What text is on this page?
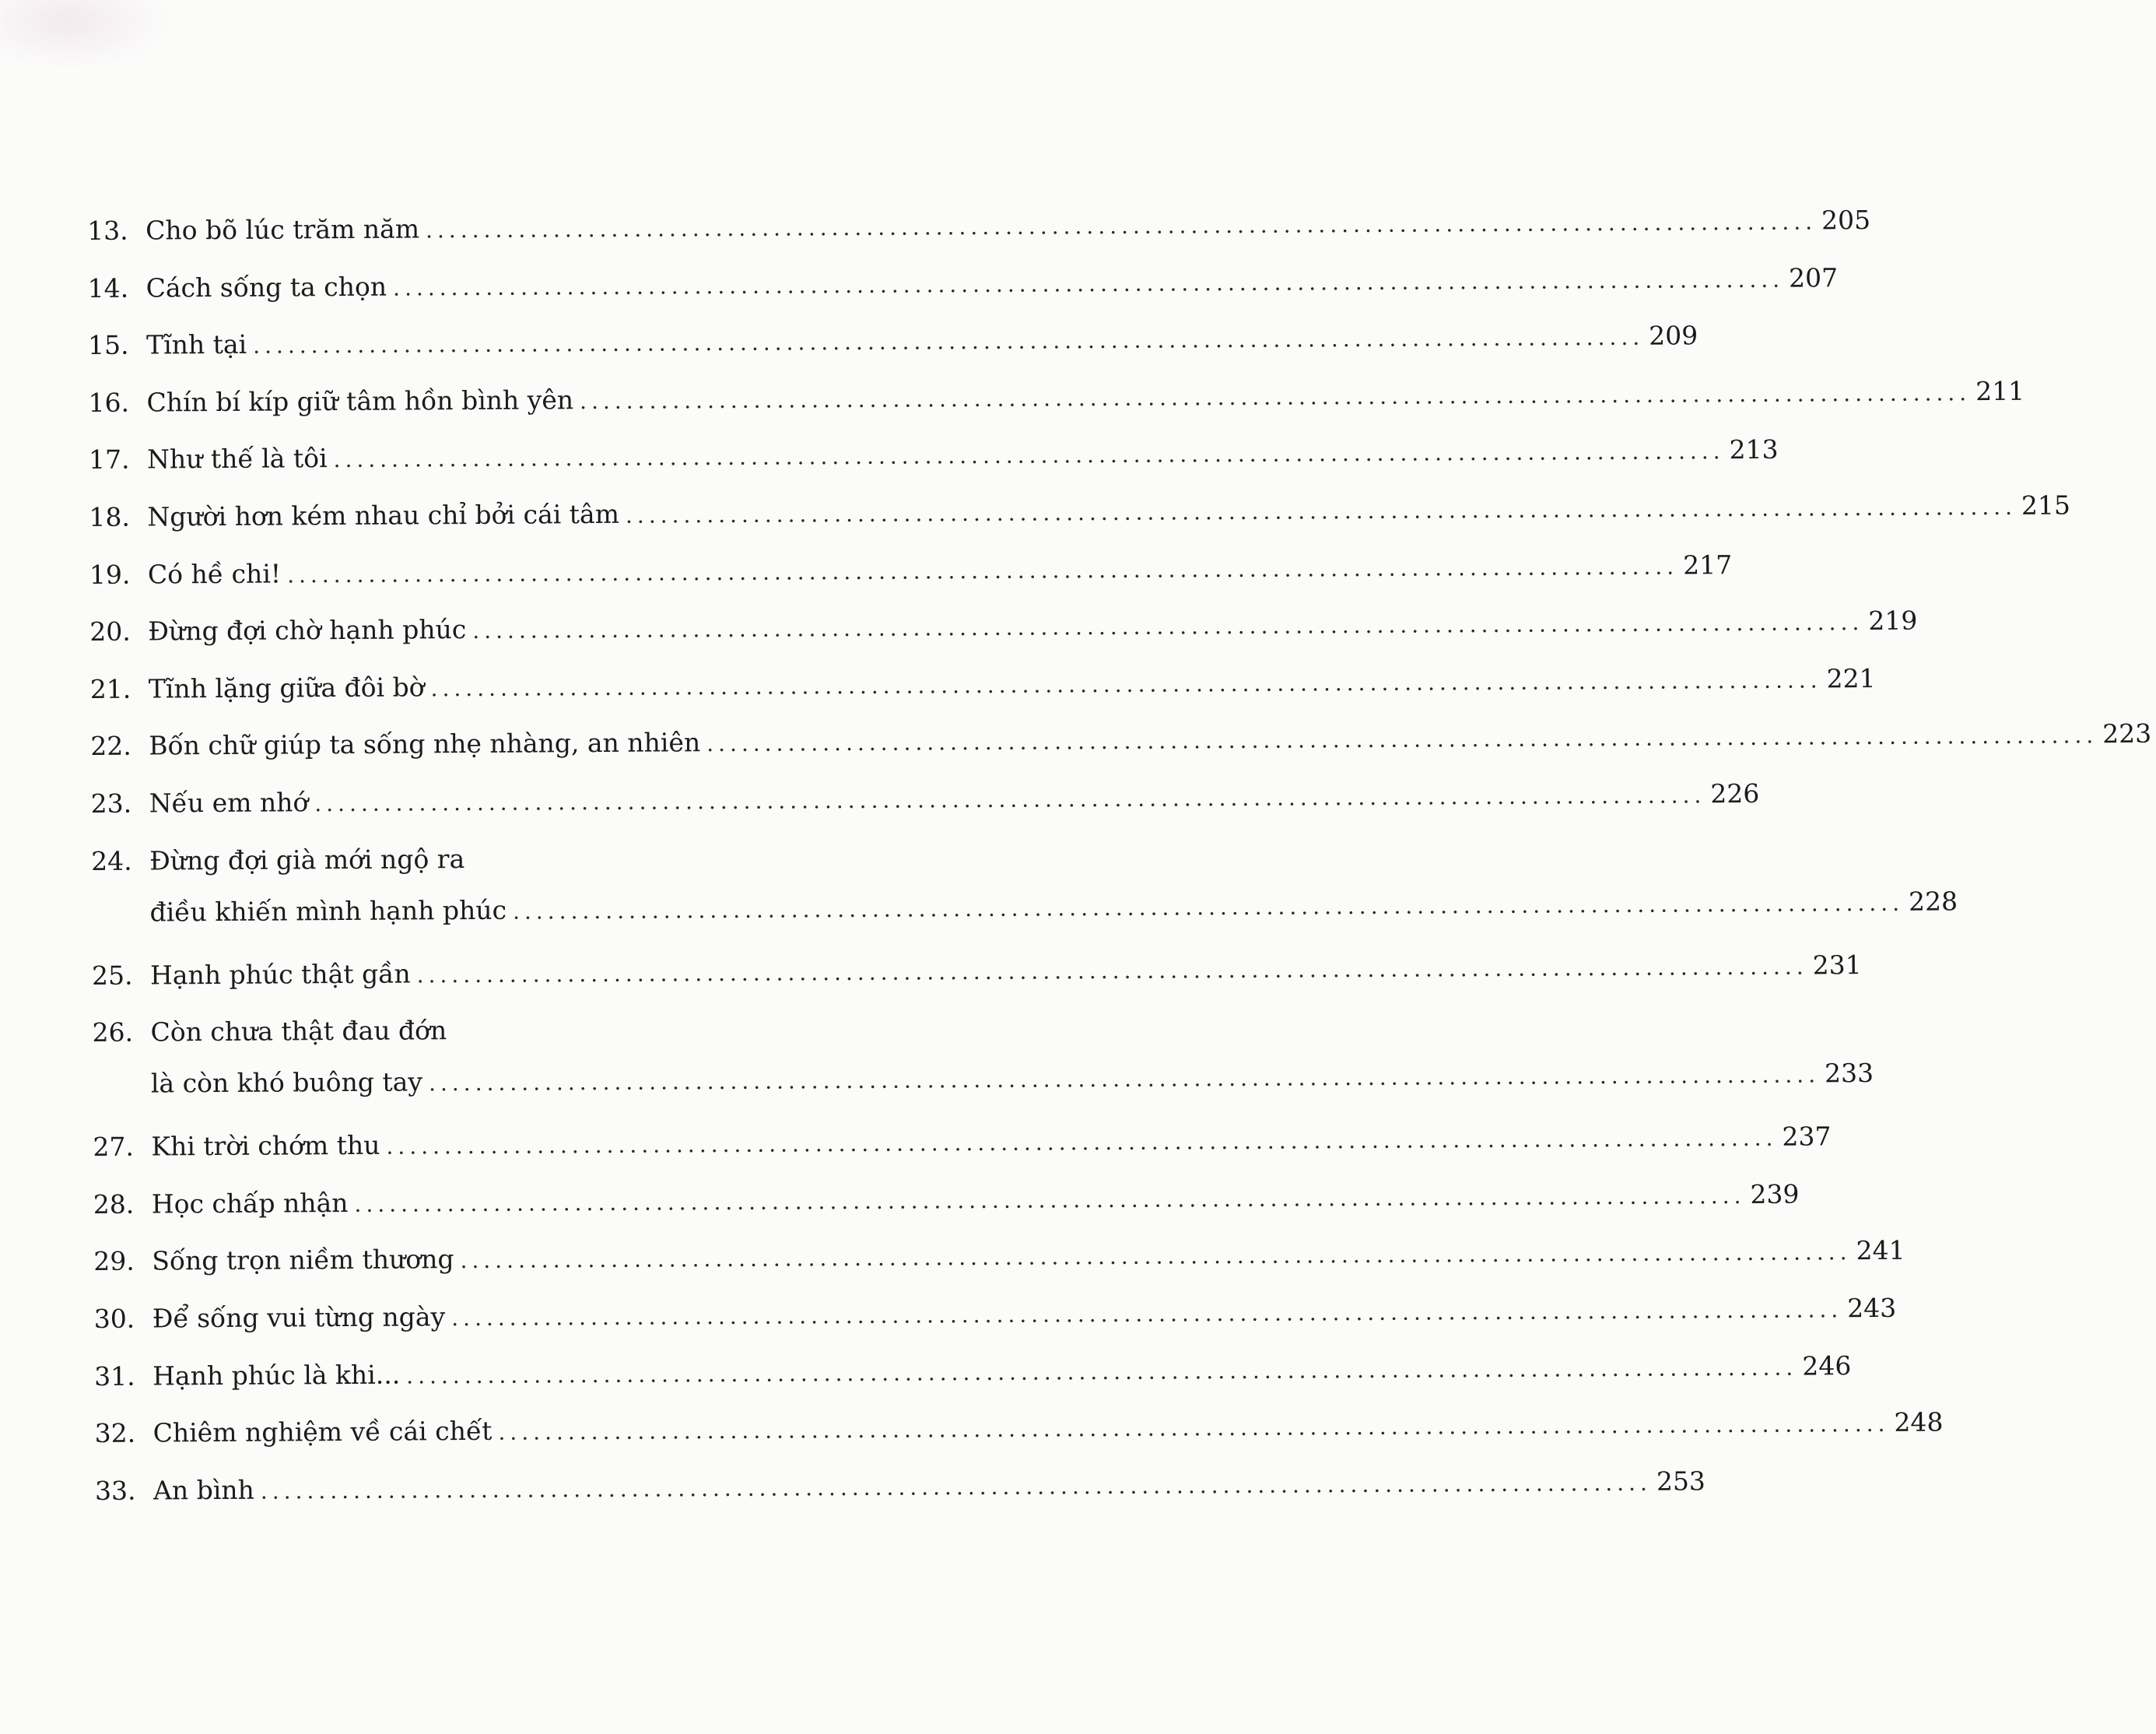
13. Cho bõ lúc trăm năm ........................................................................................................................ 205
14. Cách sống ta chọn ........................................................................................................................ 207
15. Tĩnh tại ........................................................................................................................ 209
16. Chín bí kíp giữ tâm hồn bình yên ........................................................................................................................ 211
17. Như thế là tôi ........................................................................................................................ 213
18. Người hơn kém nhau chỉ bởi cái tâm ........................................................................................................................ 215
19. Có hề chi! ........................................................................................................................ 217
20. Đừng đợi chờ hạnh phúc ........................................................................................................................ 219
21. Tĩnh lặng giữa đôi bờ ........................................................................................................................ 221
22. Bốn chữ giúp ta sống nhẹ nhàng, an nhiên ........................................................................................................................ 223
23. Nếu em nhớ ........................................................................................................................ 226
24. Đừng đợi già mới ngộ ra
điều khiến mình hạnh phúc ........................................................................................................................ 228
25. Hạnh phúc thật gần ........................................................................................................................ 231
26. Còn chưa thật đau đớn
là còn khó buông tay ........................................................................................................................ 233
27. Khi trời chớm thu ........................................................................................................................ 237
28. Học chấp nhận ........................................................................................................................ 239
29. Sống trọn niềm thương ........................................................................................................................ 241
30. Để sống vui từng ngày ........................................................................................................................ 243
31. Hạnh phúc là khi... ........................................................................................................................ 246
32. Chiêm nghiệm về cái chết ........................................................................................................................ 248
33. An bình ........................................................................................................................ 253
